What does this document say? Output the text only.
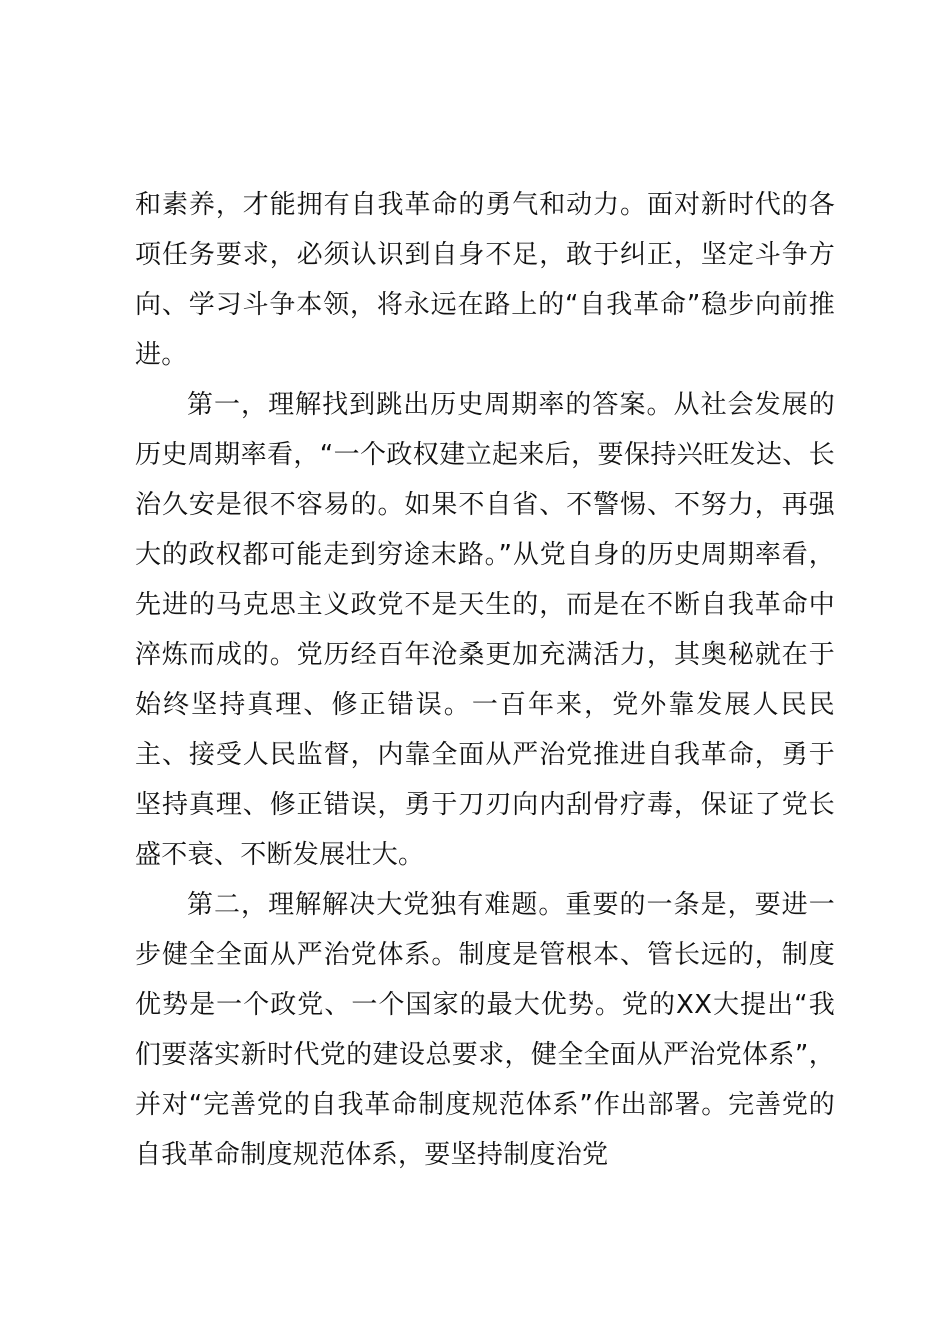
和素养，才能拥有自我革命的勇气和动力。面对新时代的各项任务要求，必须认识到自身不足，敢于纠正，坚定斗争方向、学习斗争本领，将永远在路上的“自我革命”稳步向前推进。

第一，理解找到跳出历史周期率的答案。从社会发展的历史周期率看，“一个政权建立起来后，要保持兴旺发达、长治久安是很不容易的。如果不自省、不警惕、不努力，再强大的政权都可能走到穷途末路。”从党自身的历史周期率看，先进的马克思主义政党不是天生的，而是在不断自我革命中淬炼而成的。党历经百年沧桑更加充满活力，其奥秘就在于始终坚持真理、修正错误。一百年来，党外靠发展人民民主、接受人民监督，内靠全面从严治党推进自我革命，勇于坚持真理、修正错误，勇于刀刃向内刮骨疗毒，保证了党长盛不衰、不断发展壮大。

第二，理解解决大党独有难题。重要的一条是，要进一步健全全面从严治党体系。制度是管根本、管长远的，制度优势是一个政党、一个国家的最大优势。党的XX大提出“我们要落实新时代党的建设总要求，健全全面从严治党体系”，并对“完善党的自我革命制度规范体系”作出部署。完善党的自我革命制度规范体系，要坚持制度治党
